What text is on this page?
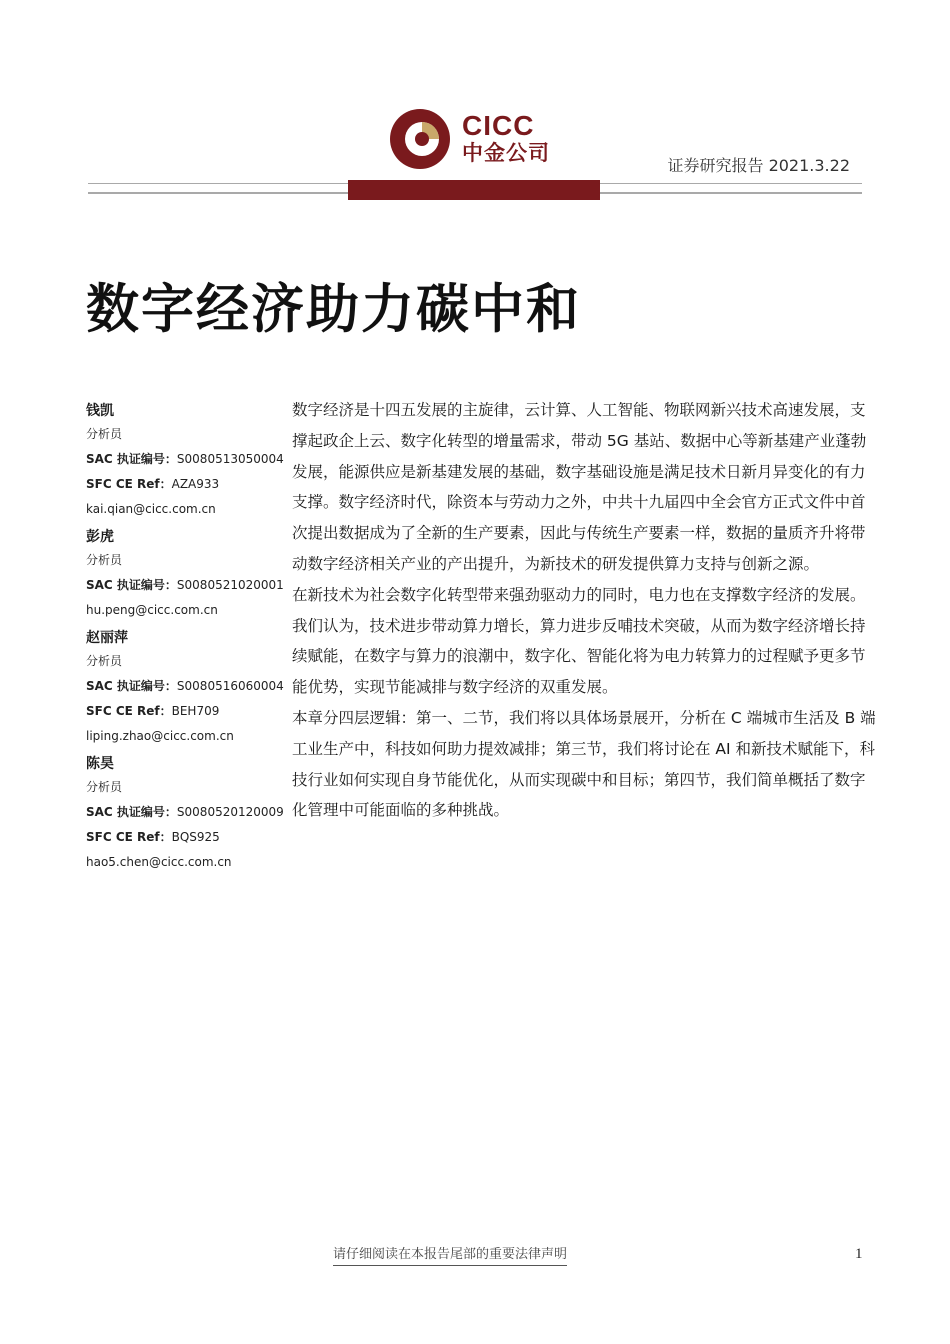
CICC
中金公司
证券研究报告 2021.3.22
数字经济助力碳中和
钱凯
分析员
SAC 执证编号：S0080513050004
SFC CE Ref：AZA933
kai.qian@cicc.com.cn
彭虎
分析员
SAC 执证编号：S0080521020001
hu.peng@cicc.com.cn
赵丽萍
分析员
SAC 执证编号：S0080516060004
SFC CE Ref：BEH709
liping.zhao@cicc.com.cn
陈昊
分析员
SAC 执证编号：S0080520120009
SFC CE Ref：BQS925
hao5.chen@cicc.com.cn

数字经济是十四五发展的主旋律，云计算、人工智能、物联网新兴技术高速发展，支撑起政企上云、数字化转型的增量需求，带动 5G 基站、数据中心等新基建产业蓬勃发展，能源供应是新基建发展的基础，数字基础设施是满足技术日新月异变化的有力支撑。数字经济时代，除资本与劳动力之外，中共十九届四中全会官方正式文件中首次提出数据成为了全新的生产要素，因此与传统生产要素一样，数据的量质齐升将带动数字经济相关产业的产出提升，为新技术的研发提供算力支持与创新之源。

在新技术为社会数字化转型带来强劲驱动力的同时，电力也在支撑数字经济的发展。我们认为，技术进步带动算力增长，算力进步反哺技术突破，从而为数字经济增长持续赋能，在数字与算力的浪潮中，数字化、智能化将为电力转算力的过程赋予更多节能优势，实现节能减排与数字经济的双重发展。

本章分四层逻辑：第一、二节，我们将以具体场景展开，分析在 C 端城市生活及 B 端工业生产中，科技如何助力提效减排；第三节，我们将讨论在 AI 和新技术赋能下，科技行业如何实现自身节能优化，从而实现碳中和目标；第四节，我们简单概括了数字化管理中可能面临的多种挑战。

请仔细阅读在本报告尾部的重要法律声明	1
